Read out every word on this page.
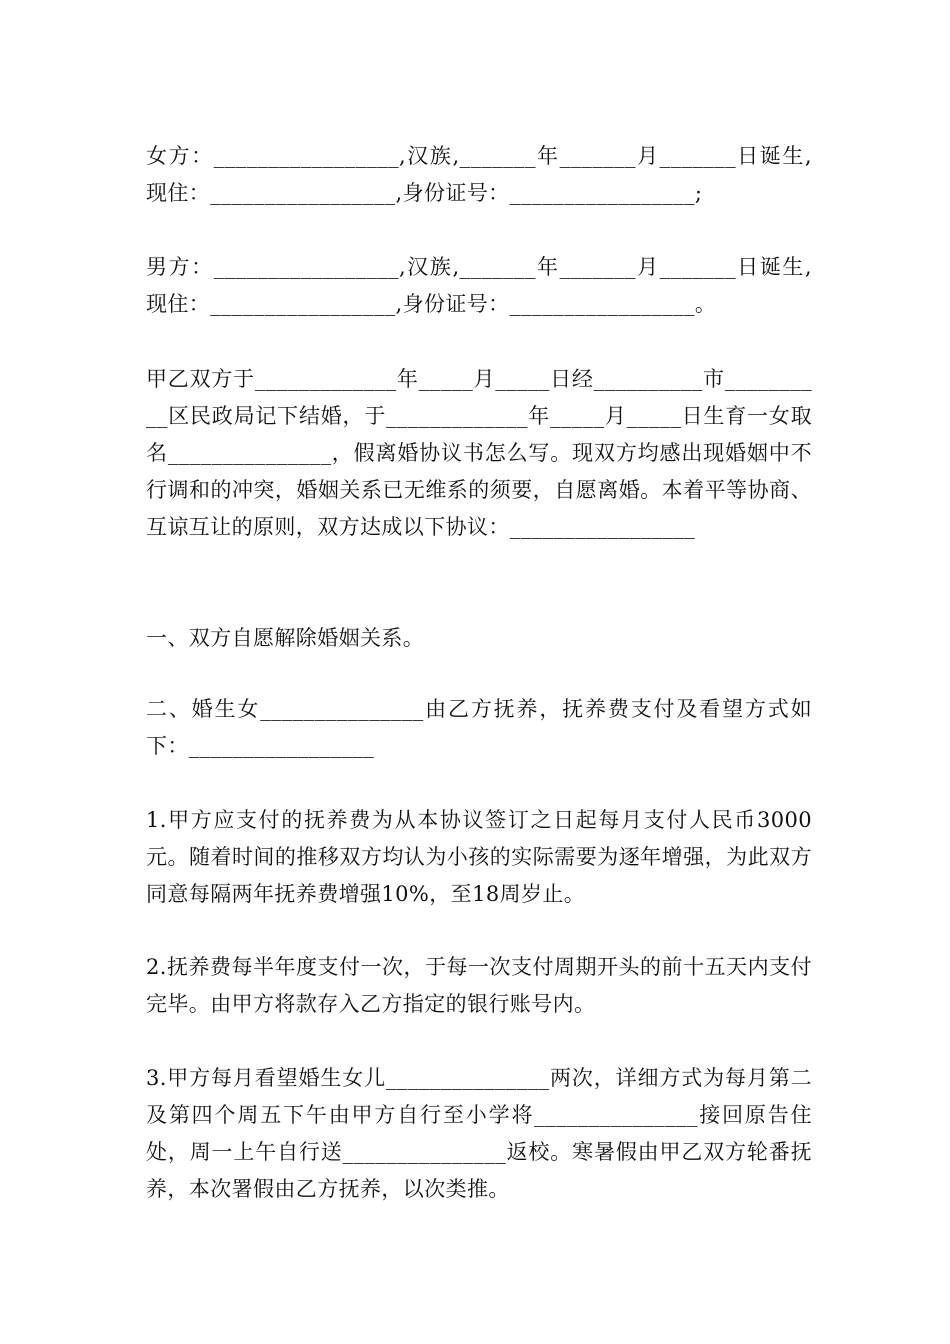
女方：_________________,汉族,_______年_______月_______日诞生,现住：_________________,身份证号：_________________;

男方：_________________,汉族,_______年_______月_______日诞生,现住：_________________,身份证号：_________________。

甲乙双方于_____________年_____月_____日经__________市__________区民政局记下结婚，于_____________年_____月_____日生育一女取名_______________，假离婚协议书怎么写。现双方均感出现婚姻中不行调和的冲突，婚姻关系已无维系的须要，自愿离婚。本着平等协商、互谅互让的原则，双方达成以下协议：_________________

一、双方自愿解除婚姻关系。

二、婚生女_______________由乙方抚养，抚养费支付及看望方式如下：_________________

1.甲方应支付的抚养费为从本协议签订之日起每月支付人民币3000元。随着时间的推移双方均认为小孩的实际需要为逐年增强，为此双方同意每隔两年抚养费增强10%，至18周岁止。

2.抚养费每半年度支付一次，于每一次支付周期开头的前十五天内支付完毕。由甲方将款存入乙方指定的银行账号内。

3.甲方每月看望婚生女儿_______________两次，详细方式为每月第二及第四个周五下午由甲方自行至小学将_______________接回原告住处，周一上午自行送_______________返校。寒暑假由甲乙双方轮番抚养，本次署假由乙方抚养，以次类推。
